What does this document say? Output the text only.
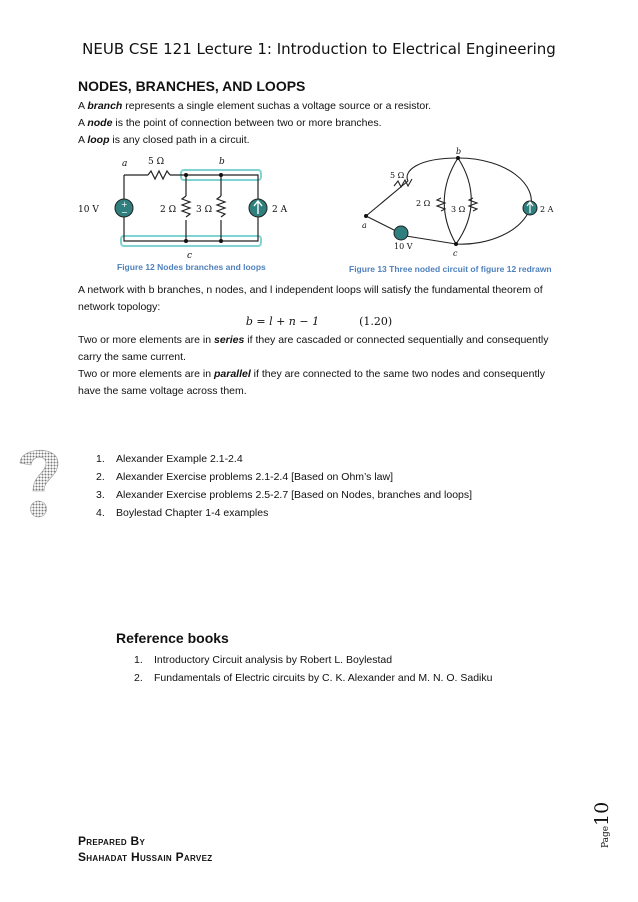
NEUB CSE 121 Lecture 1: Introduction to Electrical Engineering
NODES, BRANCHES, AND LOOPS
A branch represents a single element suchas a voltage source or a resistor.
A node is the point of connection between two or more branches.
A loop is any closed path in a circuit.
+
−
a 5 Ω	b
c
10 V	2 Ω 3 Ω	2 A
Figure 12 Nodes branches and loops
a
b
c
5 Ω
2 Ω
3 Ω
10 V
2 A
Figure 13 Three noded circuit of figure 12 redrawn
A network with b branches, n nodes, and l independent loops will satisfy the fundamental theorem of network topology:
b = l + n − 1	(1.20)
Two or more elements are in series if they are cascaded or connected sequentially and consequently carry the same current.
Two or more elements are in parallel if they are connected to the same two nodes and consequently have the same voltage across them.
1. Alexander Example 2.1-2.4
2. Alexander Exercise problems 2.1-2.4 [Based on Ohm’s law]
3. Alexander Exercise problems 2.5-2.7 [Based on Nodes, branches and loops]
4. Boylestad Chapter 1-4 examples
Reference books
1. Introductory Circuit analysis by Robert L. Boylestad
2. Fundamentals of Electric circuits by C. K. Alexander and M. N. O. Sadiku
Page
10
Prepared By
Shahadat Hussain Parvez
